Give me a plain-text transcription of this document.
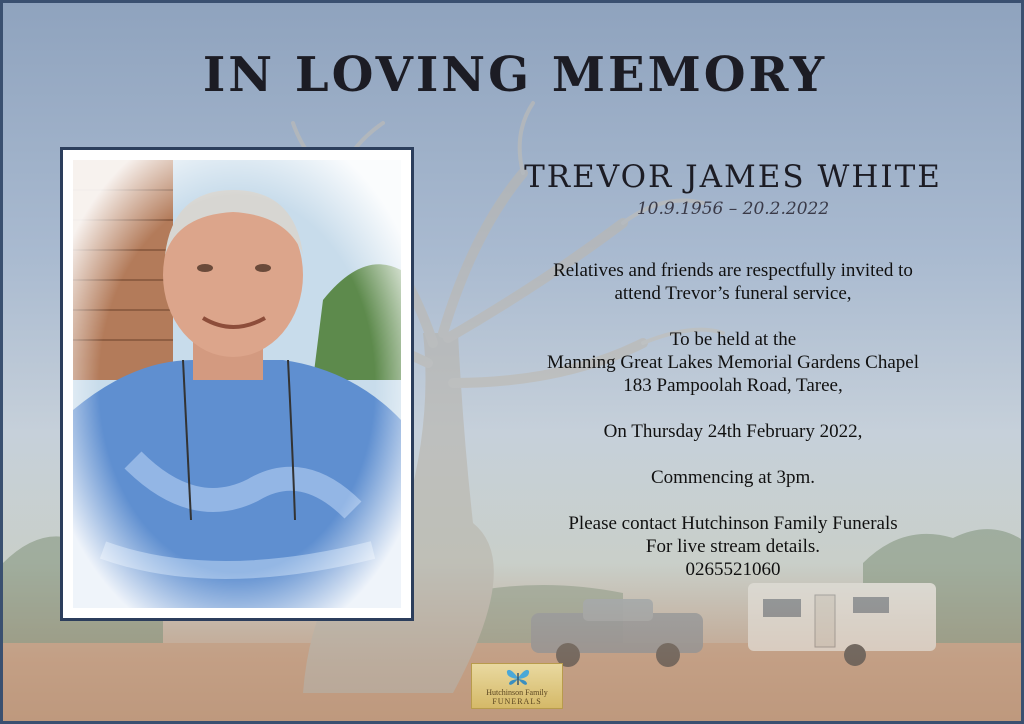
IN LOVING MEMORY
TREVOR JAMES WHITE
10.9.1956 – 20.2.2022

Relatives and friends are respectfully invited to

attend Trevor’s funeral service,

To be held at the

Manning Great Lakes Memorial Gardens Chapel

183 Pampoolah Road, Taree,

On Thursday 24th February 2022,

Commencing at 3pm.

Please contact Hutchinson Family Funerals

For live stream details.

0265521060

Hutchinson Family
FUNERALS
